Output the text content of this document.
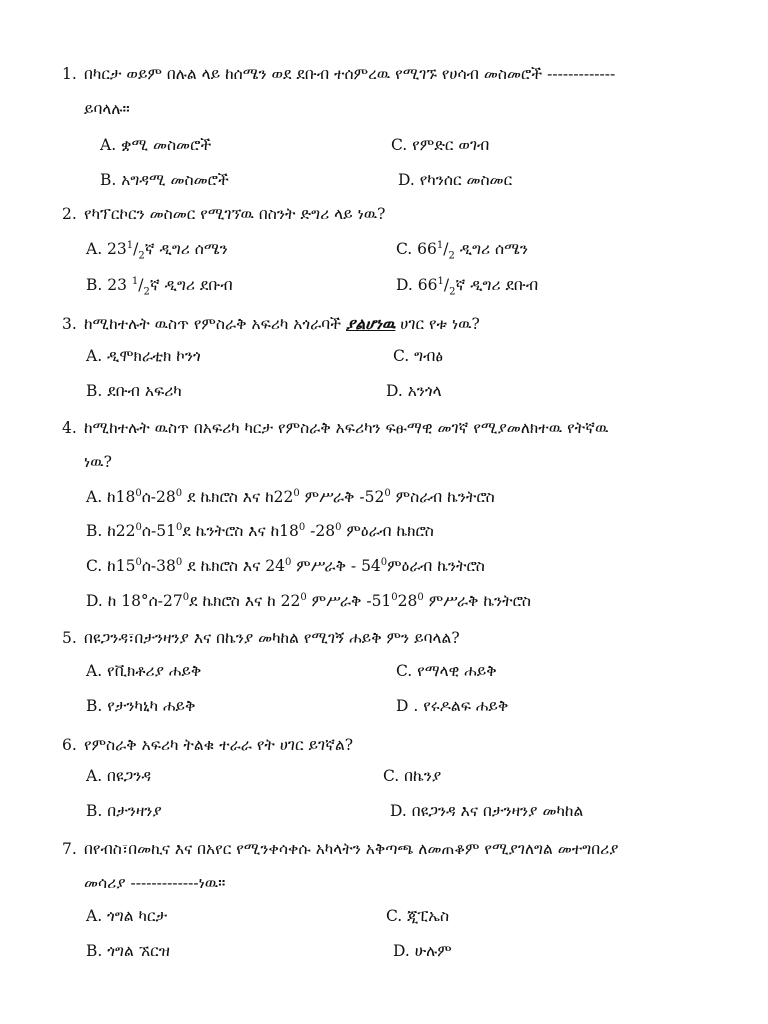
1. በካርታ ወይም በሉል ላይ ከሰሜን ወደ ደቡብ ተሰምረዉ የሚገኙ የሀሳብ መስመሮች -------------
ይባላሉ።
A. ቋሚ መስመሮች	C. የምድር ወገብ
B. አግዳሚ መስመሮች	D. የካንሰር መስመር
2. የካፕርኮርን መስመር የሚገኘዉ በስንት ድግሪ ላይ ነዉ?
A. $23^1/_2ኛ$ ዲግሪ ሰሜን	C. $66^1/_2$ ዲግሪ ሰሜን
B. 23 $^1/_2ኛ$ ዲግሪ ደቡብ	D. $66^1/_2ኛ$ ዲግሪ ደቡብ
3. ከሚከተሉት ዉስጥ የምስራቅ አፍሪካ አጎራባች ያልሆነዉ ሀገር የቱ ነዉ?
A. ዲሞክራቲክ ኮንጎ	C. ግብፅ
B. ደቡብ አፍሪካ	D. አንጎላ
4. ከሚከተሉት ዉስጥ በአፍሪካ ካርታ የምስራቅ አፍሪካን ፍፁማዊ መገኛ የሚያመለክተዉ የትኛዉ
ነዉ?
A. $ከ18^0ሰ-28^0$ ደ ኬክሮስ እና $ከ22^0$ ምሥራቅ $-52^0$ ምስራብ ኬንትሮስ
B. $ከ22^0ሰ-51^0ደ$ ኬንትሮስ እና $ከ18^0$ $-28^0$ ምዕራብ ኬክሮስ
C. $ከ15^0ሰ-38^0$ ደ ኬክሮስ እና $24^0$ ምሥራቅ - $54^0ምዕራብ$ ኬንትሮስ
D. ከ $18^\circ ሰ-27^0ደ$ ኬክሮስ እና ከ $22^0$ ምሥራቅ $-51^028^0$ ምሥራቅ ኬንትሮስ
5. በዩጋንዳ፣በታንዛንያ እና በኬንያ መካከል የሚገኝ ሐይቅ ምን ይባላል?
A. የቪክቶሪያ ሐይቅ	C. የማላዊ ሐይቅ
B. የታንካኒካ ሐይቅ	D . የሩዶልፍ ሐይቅ
6. የምስራቅ አፍሪካ ትልቁ ተራራ የት ሀገር ይገኛል?
A. በዩጋንዳ	C. በኬንያ
B. በታንዛንያ	D. በዩጋንዳ እና በታንዛንያ መካከል
7. በየብስ፣በመኪና እና በአየር የሚንቀሳቀሱ አካላትን አቅጣጫ ለመጠቆም የሚያገለግል መተግበሪያ
መሳሪያ -------------ነዉ።
A. ጎግል ካርታ	C. ጂፒኤስ
B. ጎግል ኧርዝ	D. ሁሉም
